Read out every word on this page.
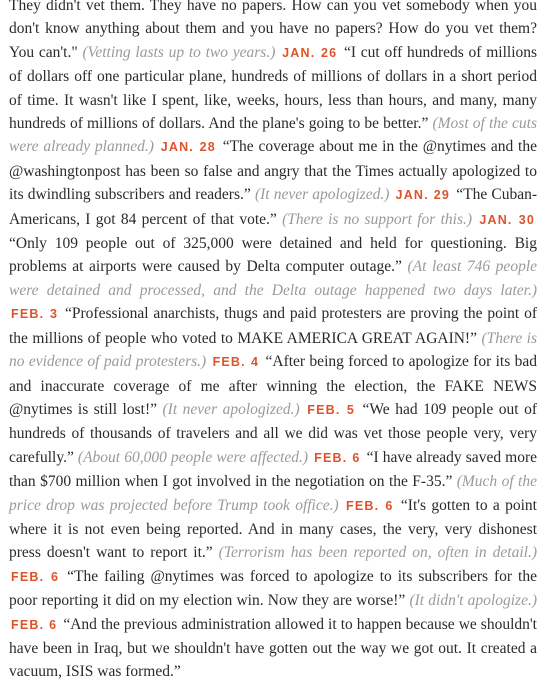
They didn't vet them. They have no papers. How can you vet somebody when you don't know anything about them and you have no papers? How do you vet them? You can't." (Vetting lasts up to two years.) JAN. 26 “I cut off hundreds of millions of dollars off one particular plane, hundreds of millions of dollars in a short period of time. It wasn't like I spent, like, weeks, hours, less than hours, and many, many hundreds of millions of dollars. And the plane's going to be better.” (Most of the cuts were already planned.) JAN. 28 “The coverage about me in the @nytimes and the @washingtonpost has been so false and angry that the Times actually apologized to its dwindling subscribers and readers.” (It never apologized.) JAN. 29 “The Cuban-Americans, I got 84 percent of that vote.” (There is no support for this.) JAN. 30 “Only 109 people out of 325,000 were detained and held for questioning. Big problems at airports were caused by Delta computer outage.” (At least 746 people were detained and processed, and the Delta outage happened two days later.) FEB. 3 “Professional anarchists, thugs and paid protesters are proving the point of the millions of people who voted to MAKE AMERICA GREAT AGAIN!” (There is no evidence of paid protesters.) FEB. 4 “After being forced to apologize for its bad and inaccurate coverage of me after winning the election, the FAKE NEWS @nytimes is still lost!” (It never apologized.) FEB. 5 “We had 109 people out of hundreds of thousands of travelers and all we did was vet those people very, very carefully.” (About 60,000 people were affected.) FEB. 6 “I have already saved more than $700 million when I got involved in the negotiation on the F-35.” (Much of the price drop was projected before Trump took office.) FEB. 6 “It's gotten to a point where it is not even being reported. And in many cases, the very, very dishonest press doesn't want to report it.” (Terrorism has been reported on, often in detail.) FEB. 6 “The failing @nytimes was forced to apologize to its subscribers for the poor reporting it did on my election win. Now they are worse!” (It didn't apologize.) FEB. 6 “And the previous administration allowed it to happen because we shouldn't have been in Iraq, but we shouldn't have gotten out the way we got out. It created a vacuum, ISIS was formed.”
